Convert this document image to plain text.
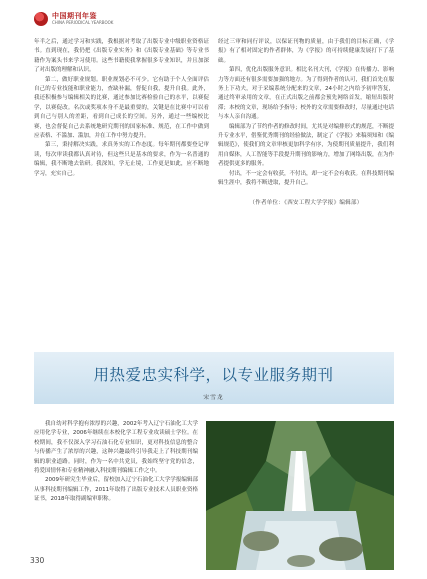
中国期刊年鉴
CHINA PERIODICAL YEARBOOK

年半之后，通过学习和实践，我根据对考取了出版专业中级职业资格证书。直到现在，我仍把《出版专业实务》和《出版专业基础》等专业书籍作为案头书来学习使用。这些书籍使我掌握很多专业知识，并且加深了对出版的理解和认识。

第二，做好职业规划。职业规划必不可少。它有助于个人全面评估自己的专业技能和职业能力，查缺补漏，督促自我，提升自我。此外，我还积极参与编辑相关的比赛，通过参加比赛检验自己的水平，以赛促学，以赛促改。名次或奖项本身不是最重要的，关键是在比赛中可以看到自己与别人的差距，看到自己成长的空间。另外，通过一些编校比赛，也会督促自己去系统地研究期刊的国家标准、规范，在工作中做到应表格、不滥加、滥加，并在工作中努力提升。

第三，秉持解决实践，求真务实的工作态度。每年期刊都要登记审读，每次审读我都认真对待，但这些只是基本的要求，作为一名普通的编辑，我不断地去钻研。我深知，学无止境，工作更是如此，应不断地学习，充实自己。

经过三审和同行评议，以保证刊物的质量，由于我们的目标正确，《学报》有了相对固定的作者群体，为《学报》的可持续健康发展打下了基础。

第四，优化出版服务意识。相比名刊大刊，《学报》在传播力、影响力等方面还有很多需要加强的地方。为了得到作者的认可，我们首先在服务上下功夫，对于采编系统分配来的文章，24小时之内给予初审答复，通过终审录用的文章，在正式出版之前都会预先网络首发，缩短出版时滞；本校的文章，现场给予指导；校外的文章需要修改时，尽量通过电话与本人亲自沟通。

编辑部为了节约作者的修改时间，尤其是对编排形式的规范，不断提升专业水平，借鉴优秀期刊的经验做法，制定了《学报》来稿须知和《编辑规范》，使我们的文章审核更加科学有序，为使期刊质量提升，我们利用自媒体，人工智能等手段提升期刊的影响力，增加了网络出版，在为作者提供更多的服务。

付出，不一定会有收获，不付出，却一定不会有收获。在科技期刊编辑生涯中，我将不断进取，提升自己。

（作者单位：《西安工程大学学报》编辑部）

用热爱忠实科学，以专业服务期刊
宋雪龙

我自幼对科学抱有浓厚的兴趣，2002年考入辽宁石油化工大学应用化学专业，2006年继续在本校化学工程专业攻读硕士学位。在校期间，我不仅深入学习石油石化专业知识，更对科技信息的整合与传播产生了浓厚的兴趣，这种兴趣最终引导我走上了科技期刊编辑的职业道路。同时，作为一名中共党员，我始终坚守党的信念，将爱国情怀和专业精神融入科技期刊编辑工作之中。

2009年研究生毕业后，留校加入辽宁石油化工大学学报编辑部从事科技期刊编辑工作，2011年取得了出版专业技术人员职业资格证书，2018年取得副编审职称。

330
